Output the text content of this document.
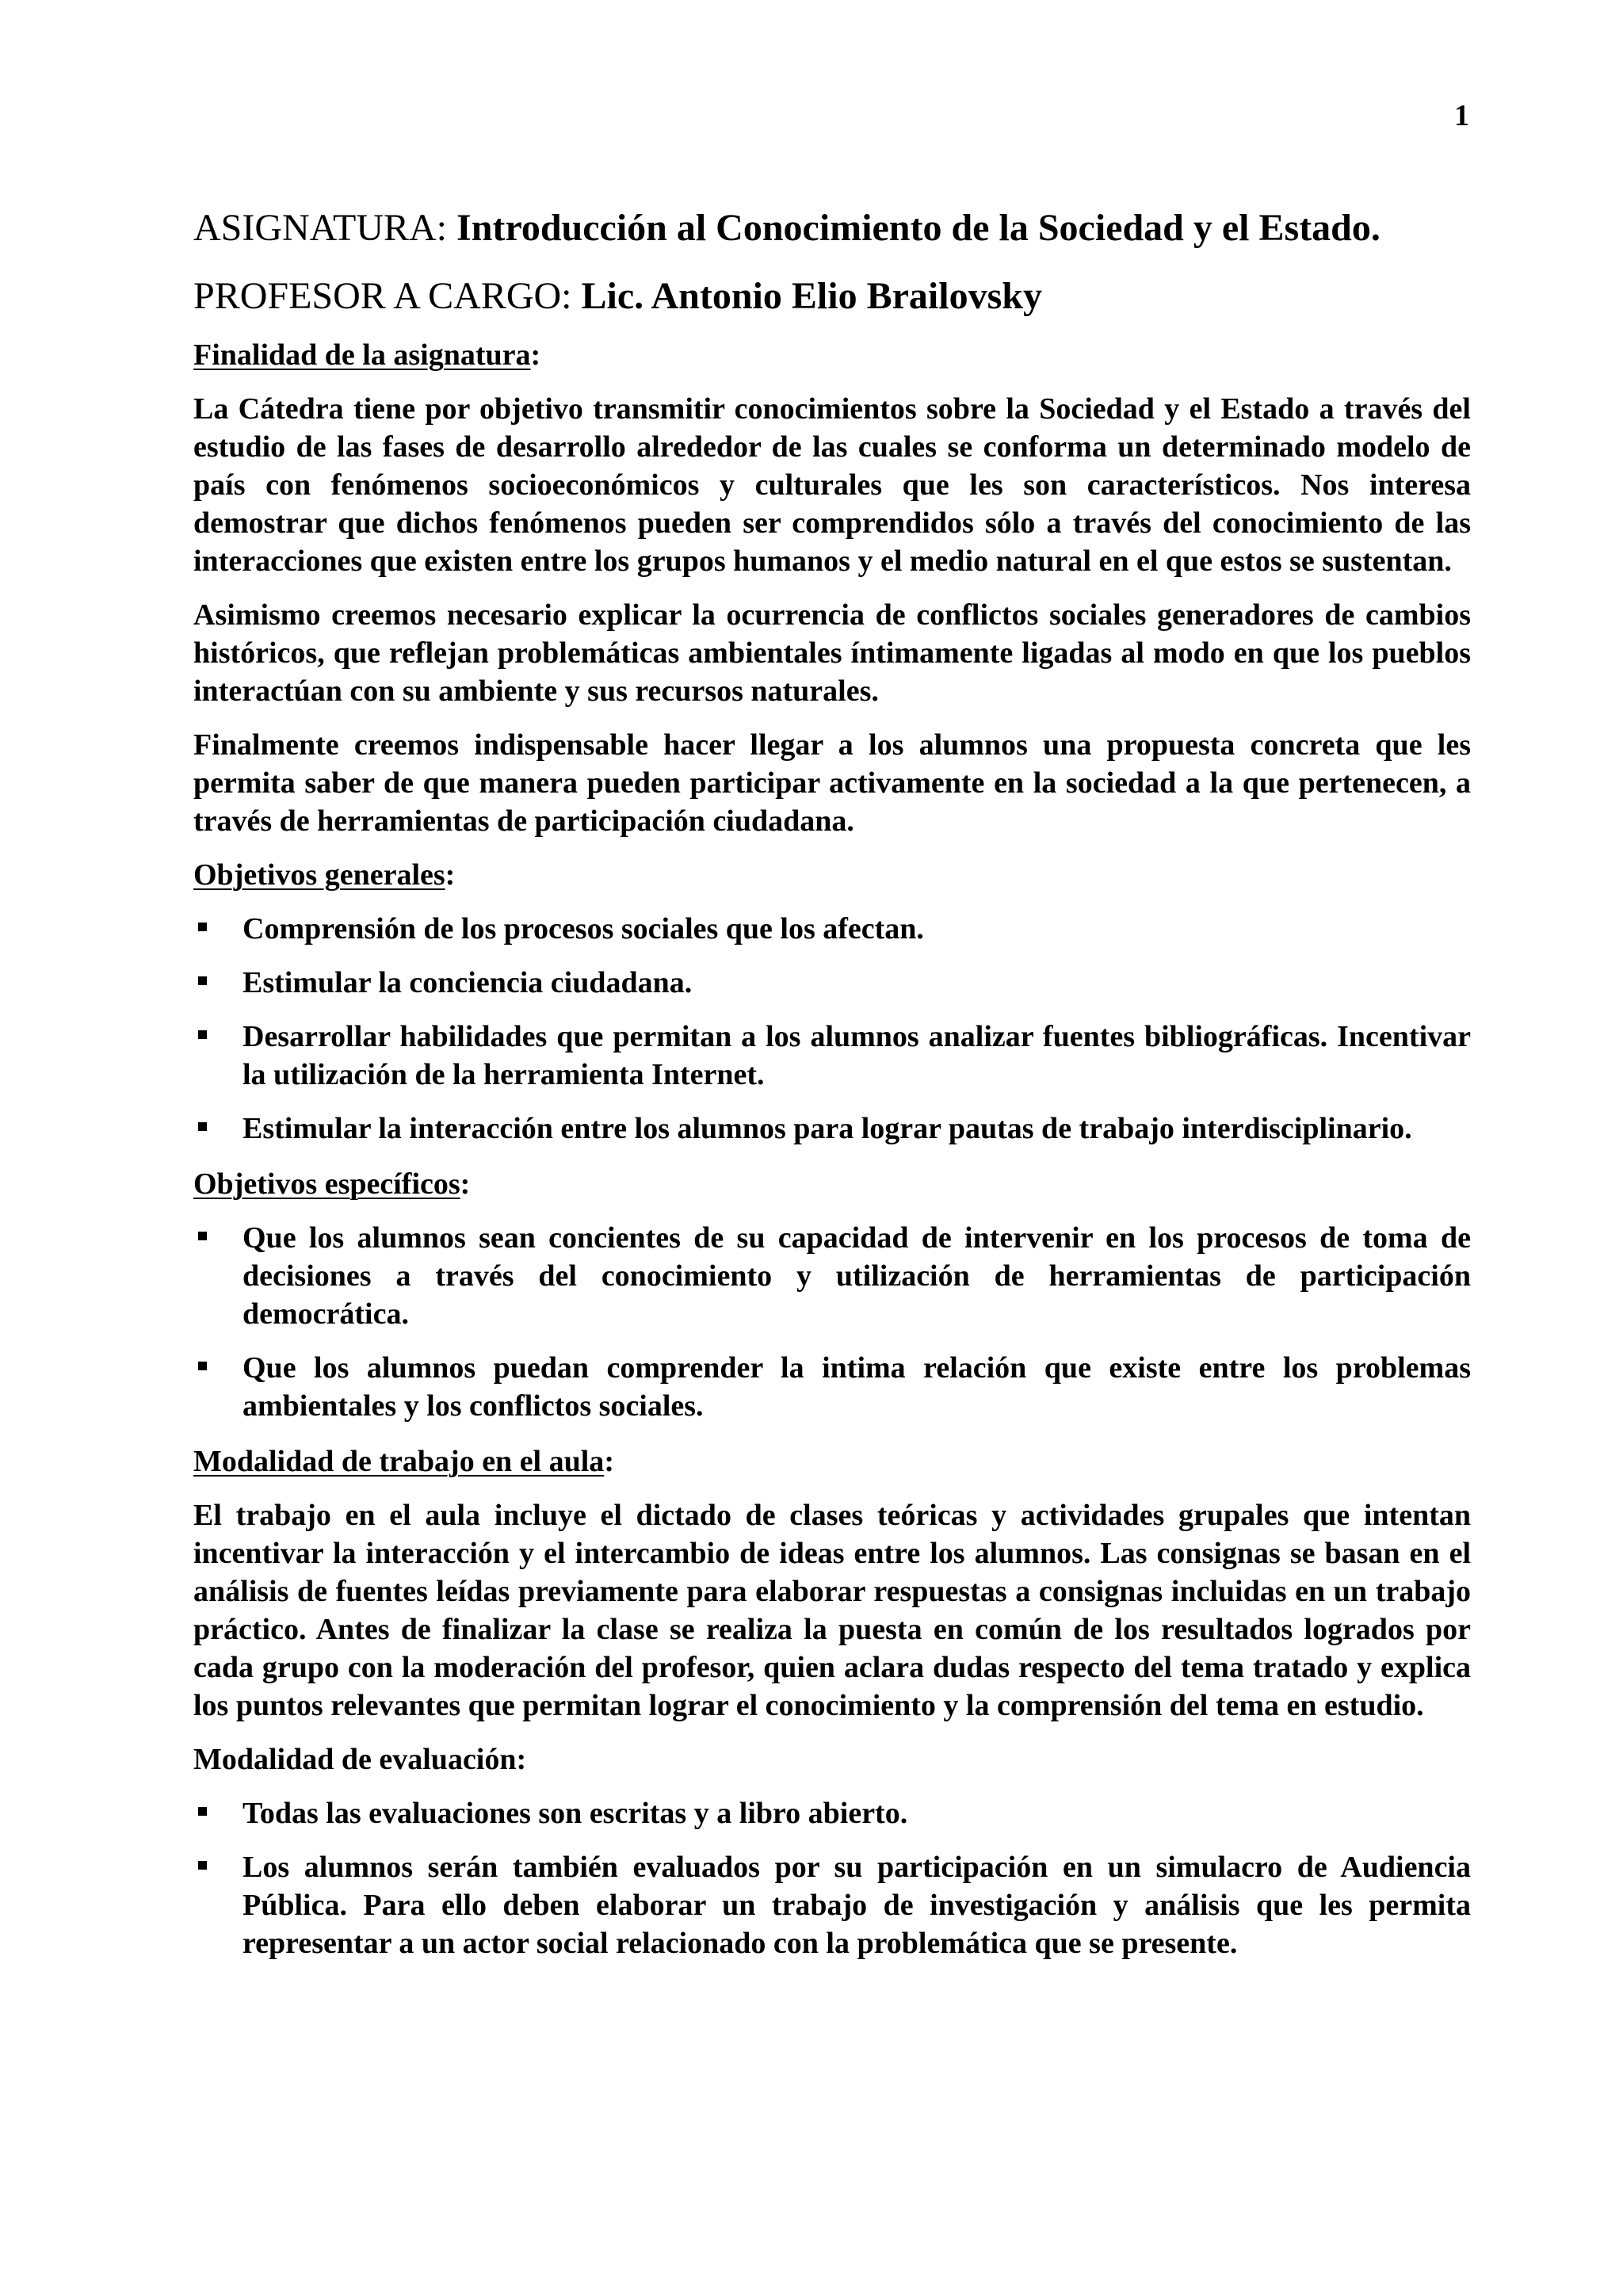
1

ASIGNATURA: Introducción al Conocimiento de la Sociedad y el Estado.
PROFESOR A CARGO: Lic. Antonio Elio Brailovsky
Finalidad de la asignatura:

La Cátedra tiene por objetivo transmitir conocimientos sobre la Sociedad y el Estado a través del estudio de las fases de desarrollo alrededor de las cuales se conforma un determinado modelo de país con fenómenos socioeconómicos y culturales que les son característicos. Nos interesa demostrar que dichos fenómenos pueden ser comprendidos sólo a través del conocimiento de las interacciones que existen entre los grupos humanos y el medio natural en el que estos se sustentan.

Asimismo creemos necesario explicar la ocurrencia de conflictos sociales generadores de cambios históricos, que reflejan problemáticas ambientales íntimamente ligadas al modo en que los pueblos interactúan con su ambiente y sus recursos naturales.

Finalmente creemos indispensable hacer llegar a los alumnos una propuesta concreta que les permita saber de que manera pueden participar activamente en la sociedad a la que pertenecen, a través de herramientas de participación ciudadana.

Objetivos generales:
Comprensión de los procesos sociales que los afectan.
Estimular la conciencia ciudadana.
Desarrollar habilidades que permitan a los alumnos analizar fuentes bibliográficas. Incentivar la utilización de la herramienta Internet.
Estimular la interacción entre los alumnos para lograr pautas de trabajo interdisciplinario.
Objetivos específicos:
Que los alumnos sean concientes de su capacidad de intervenir en los procesos de toma de decisiones a través del conocimiento y utilización de herramientas de participación democrática.
Que los alumnos puedan comprender la intima relación que existe entre los problemas ambientales y los conflictos sociales.
Modalidad de trabajo en el aula:

El trabajo en el aula incluye el dictado de clases teóricas y actividades grupales que intentan incentivar la interacción y el intercambio de ideas entre los alumnos. Las consignas se basan en el análisis de fuentes leídas previamente para elaborar respuestas a consignas incluidas en un trabajo práctico. Antes de finalizar la clase se realiza la puesta en común de los resultados logrados por cada grupo con la moderación del profesor, quien aclara dudas respecto del tema tratado y explica los puntos relevantes que permitan lograr el conocimiento y la comprensión del tema en estudio.

Modalidad de evaluación:
Todas las evaluaciones son escritas y a libro abierto.
Los alumnos serán también evaluados por su participación en un simulacro de Audiencia Pública. Para ello deben elaborar un trabajo de investigación y análisis que les permita representar a un actor social relacionado con la problemática que se presente.
